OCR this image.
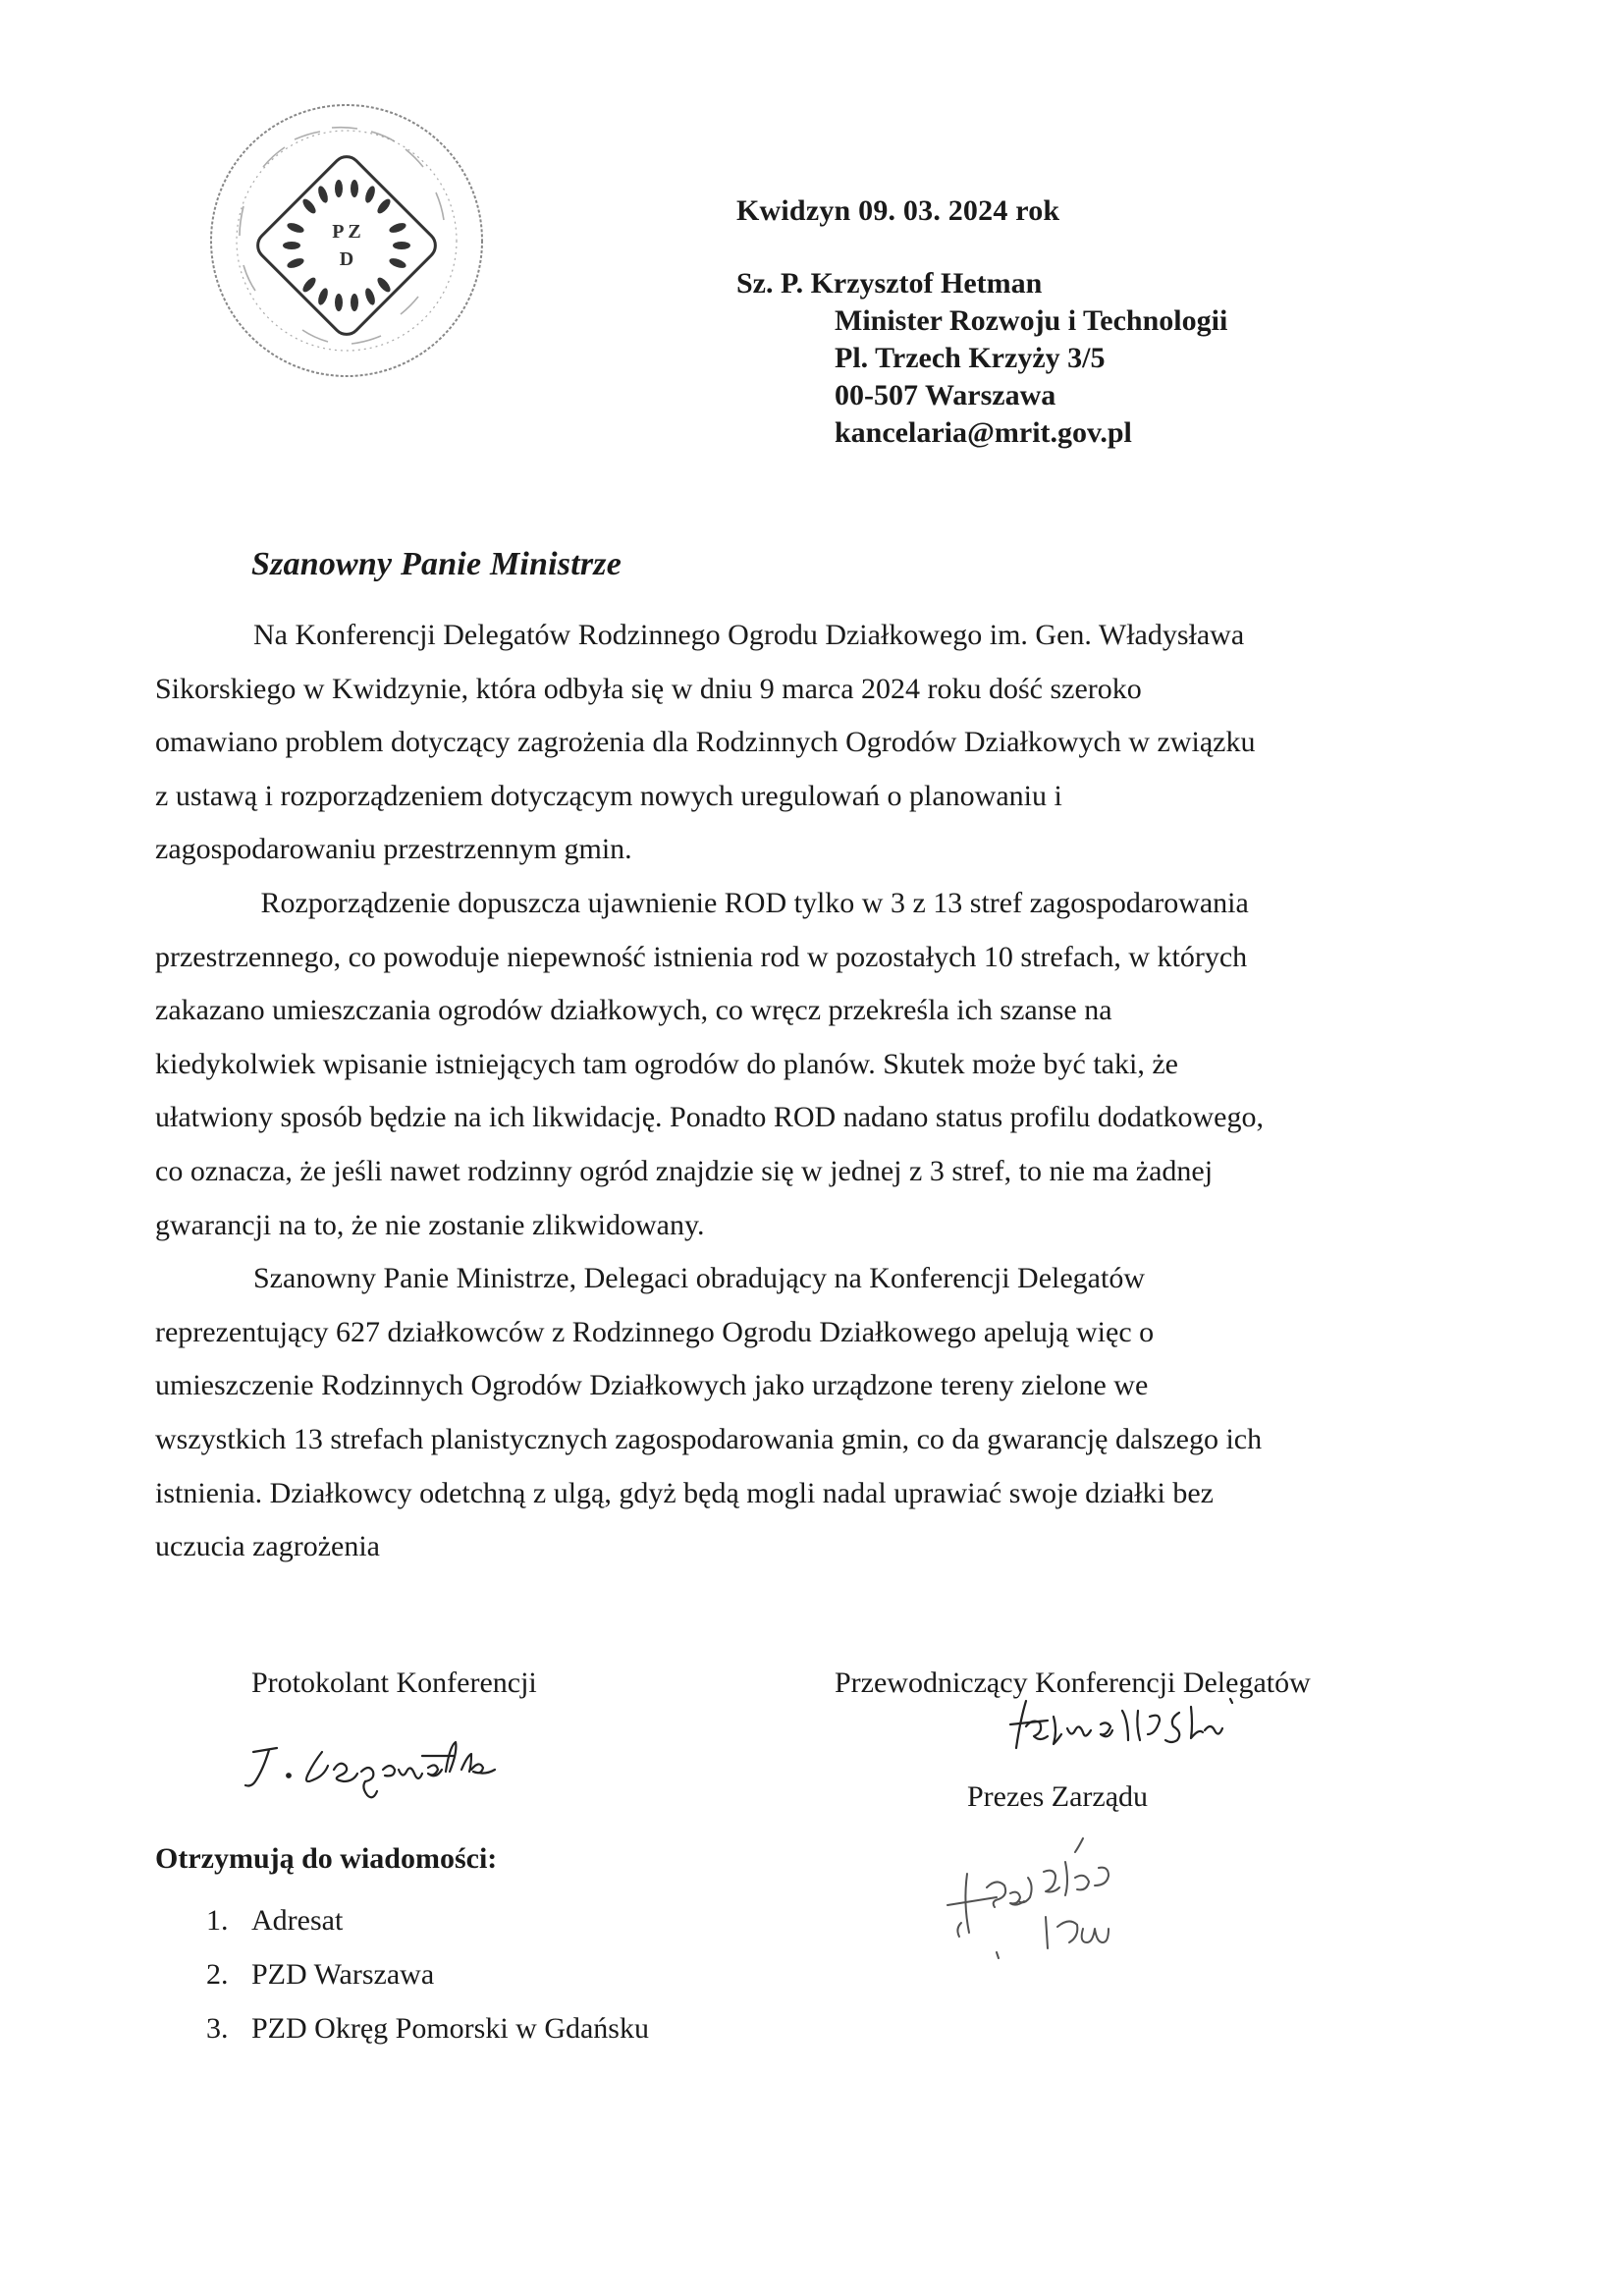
P Z
D
Kwidzyn 09. 03. 2024 rok
Sz. P. Krzysztof Hetman
Minister Rozwoju i Technologii
Pl. Trzech Krzyży 3/5
00-507 Warszawa
kancelaria@mrit.gov.pl
Szanowny Panie Ministrze
Na Konferencji Delegatów Rodzinnego Ogrodu Działkowego im. Gen. Władysława
Sikorskiego w Kwidzynie, która odbyła się w dniu 9 marca 2024 roku dość szeroko
omawiano problem dotyczący zagrożenia dla Rodzinnych Ogrodów Działkowych w związku
z ustawą i rozporządzeniem dotyczącym nowych uregulowań o planowaniu i
zagospodarowaniu przestrzennym gmin.
Rozporządzenie dopuszcza ujawnienie ROD tylko w 3 z 13 stref zagospodarowania
przestrzennego, co powoduje niepewność istnienia rod w pozostałych 10 strefach, w których
zakazano umieszczania ogrodów działkowych, co wręcz przekreśla ich szanse na
kiedykolwiek wpisanie istniejących tam ogrodów do planów. Skutek może być taki, że
ułatwiony sposób będzie na ich likwidację. Ponadto ROD nadano status profilu dodatkowego,
co oznacza, że jeśli nawet rodzinny ogród znajdzie się w jednej z 3 stref, to nie ma żadnej
gwarancji na to, że nie zostanie zlikwidowany.
Szanowny Panie Ministrze, Delegaci obradujący na Konferencji Delegatów
reprezentujący 627 działkowców z Rodzinnego Ogrodu Działkowego apelują więc o
umieszczenie Rodzinnych Ogrodów Działkowych jako urządzone tereny zielone we
wszystkich 13 strefach planistycznych zagospodarowania gmin, co da gwarancję dalszego ich
istnienia. Działkowcy odetchną z ulgą, gdyż będą mogli nadal uprawiać swoje działki bez
uczucia zagrożenia
Protokolant Konferencji	Przewodniczący Konferencji Delegatów
Prezes Zarządu
Otrzymują do wiadomości:
1. Adresat
2. PZD Warszawa
3. PZD Okręg Pomorski w Gdańsku
